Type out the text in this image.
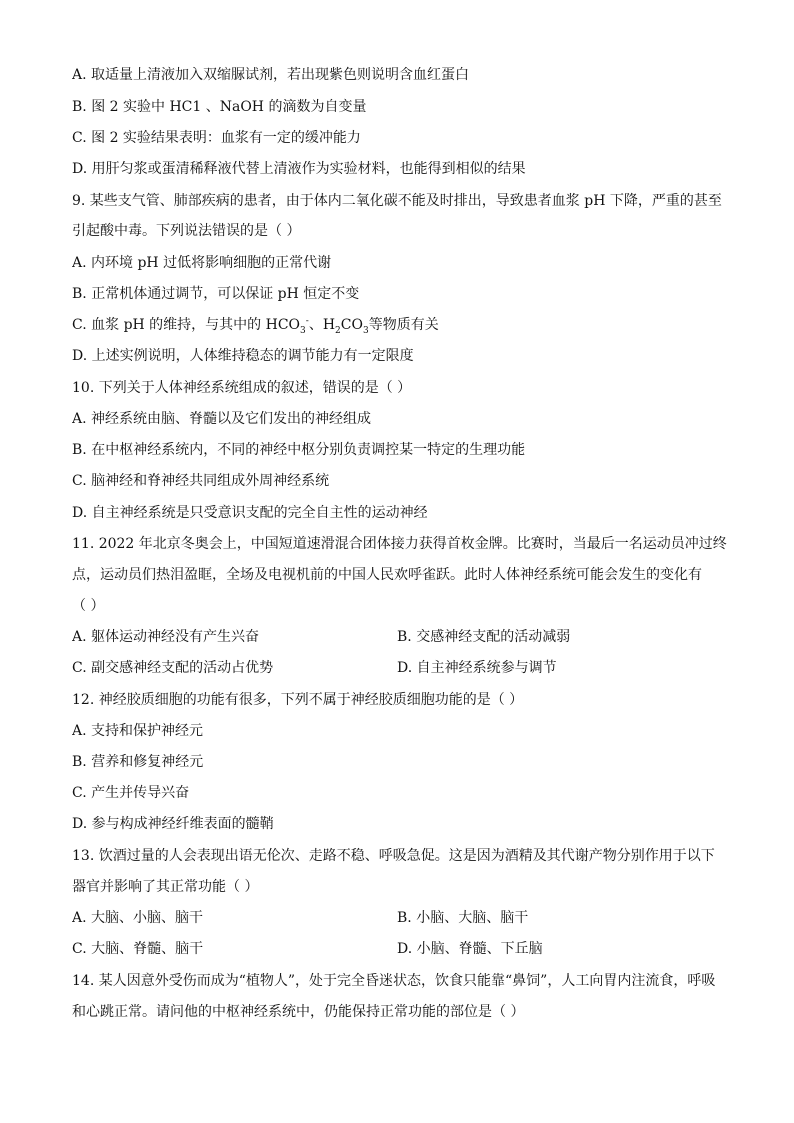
A. 取适量上清液加入双缩脲试剂，若出现紫色则说明含血红蛋白
B. 图 2 实验中 HC1 、NaOH 的滴数为自变量
C. 图 2 实验结果表明：血浆有一定的缓冲能力
D. 用肝匀浆或蛋清稀释液代替上清液作为实验材料，也能得到相似的结果
9. 某些支气管、肺部疾病的患者，由于体内二氧化碳不能及时排出，导致患者血浆 pH 下降，严重的甚至
引起酸中毒。下列说法错误的是（ ）
A. 内环境 pH 过低将影响细胞的正常代谢
B. 正常机体通过调节，可以保证 pH 恒定不变
C. 血浆 pH 的维持，与其中的 $HCO_3^-$、$H_2CO_3$等物质有关
D. 上述实例说明，人体维持稳态的调节能力有一定限度
10. 下列关于人体神经系统组成的叙述，错误的是（ ）
A. 神经系统由脑、脊髓以及它们发出的神经组成
B. 在中枢神经系统内，不同的神经中枢分别负责调控某一特定的生理功能
C. 脑神经和脊神经共同组成外周神经系统
D. 自主神经系统是只受意识支配的完全自主性的运动神经
11. 2022 年北京冬奥会上，中国短道速滑混合团体接力获得首枚金牌。比赛时，当最后一名运动员冲过终
点，运动员们热泪盈眶，全场及电视机前的中国人民欢呼雀跃。此时人体神经系统可能会发生的变化有
（ ）
A. 躯体运动神经没有产生兴奋	B. 交感神经支配的活动减弱
C. 副交感神经支配的活动占优势	D. 自主神经系统参与调节
12. 神经胶质细胞的功能有很多，下列不属于神经胶质细胞功能的是（ ）
A. 支持和保护神经元
B. 营养和修复神经元
C. 产生并传导兴奋
D. 参与构成神经纤维表面的髓鞘
13. 饮酒过量的人会表现出语无伦次、走路不稳、呼吸急促。这是因为酒精及其代谢产物分别作用于以下
器官并影响了其正常功能（ ）
A. 大脑、小脑、脑干	B. 小脑、大脑、脑干
C. 大脑、脊髓、脑干	D. 小脑、脊髓、下丘脑
14. 某人因意外受伤而成为“植物人”，处于完全昏迷状态，饮食只能靠“鼻饲”，人工向胃内注流食，呼吸
和心跳正常。请问他的中枢神经系统中，仍能保持正常功能的部位是（ ）
